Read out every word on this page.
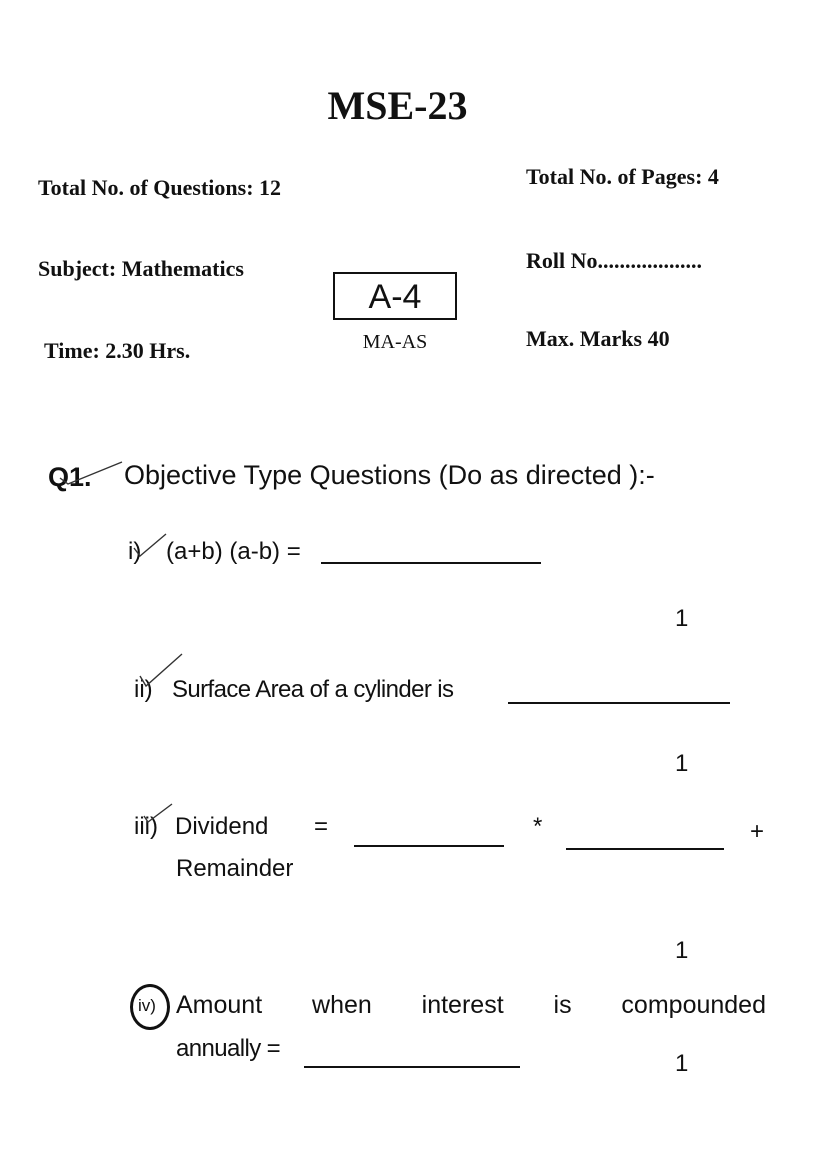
MSE-23
Total No. of Questions: 12	Total No. of Pages: 4
Subject: Mathematics	Roll No...................
A-4
MA-AS
Time: 2.30 Hrs.	Max. Marks 40
Q1. Objective Type Questions (Do as directed ):-
i) (a+b) (a-b) =
1
ii) Surface Area of a cylinder is
1
iii) Dividend =	*	+
Remainder
1
iv) Amount when interest is compounded
annually =
1
